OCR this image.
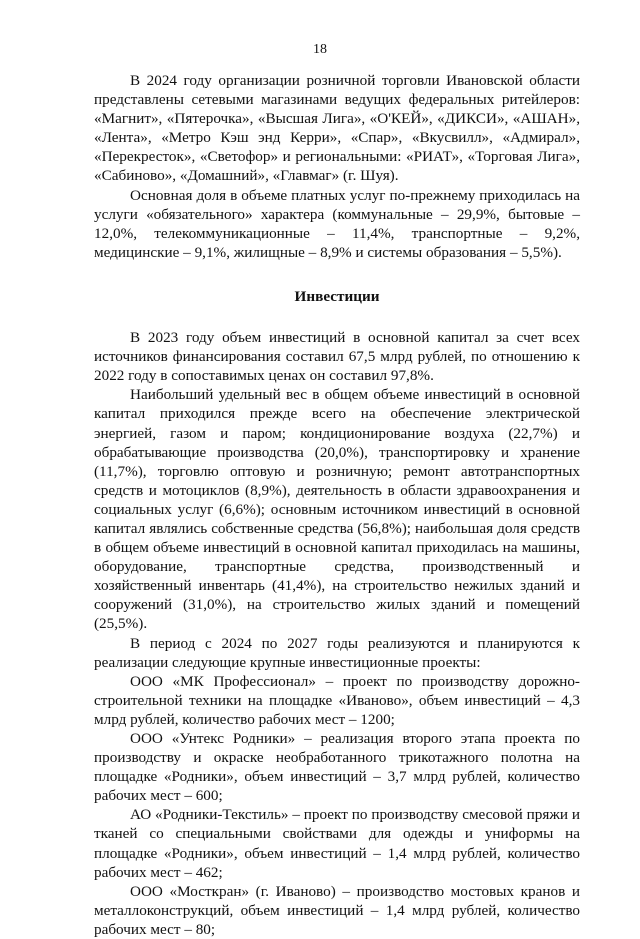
18

В 2024 году организации розничной торговли Ивановской области представлены сетевыми магазинами ведущих федеральных ритейлеров: «Магнит», «Пятерочка», «Высшая Лига», «О'КЕЙ», «ДИКСИ», «АШАН», «Лента», «Метро Кэш энд Керри», «Спар», «Вкусвилл», «Адмирал», «Перекресток», «Светофор» и региональными: «РИАТ», «Торговая Лига», «Сабиново», «Домашний», «Главмаг» (г. Шуя).

Основная доля в объеме платных услуг по-прежнему приходилась на услуги «обязательного» характера (коммунальные – 29,9%, бытовые – 12,0%, телекоммуникационные – 11,4%, транспортные – 9,2%, медицинские – 9,1%, жилищные – 8,9% и системы образования – 5,5%).

Инвестиции

В 2023 году объем инвестиций в основной капитал за счет всех источников финансирования составил 67,5 млрд рублей, по отношению к 2022 году в сопоставимых ценах он составил 97,8%.

Наибольший удельный вес в общем объеме инвестиций в основной капитал приходился прежде всего на обеспечение электрической энергией, газом и паром; кондиционирование воздуха (22,7%) и обрабатывающие производства (20,0%), транспортировку и хранение (11,7%), торговлю оптовую и розничную; ремонт автотранспортных средств и мотоциклов (8,9%), деятельность в области здравоохранения и социальных услуг (6,6%); основным источником инвестиций в основной капитал являлись собственные средства (56,8%); наибольшая доля средств в общем объеме инвестиций в основной капитал приходилась на машины, оборудование, транспортные средства, производственный и хозяйственный инвентарь (41,4%), на строительство нежилых зданий и сооружений (31,0%), на строительство жилых зданий и помещений (25,5%).

В период с 2024 по 2027 годы реализуются и планируются к реализации следующие крупные инвестиционные проекты:

ООО «МК Профессионал» – проект по производству дорожно-строительной техники на площадке «Иваново», объем инвестиций – 4,3 млрд рублей, количество рабочих мест – 1200;

ООО «Унтекс Родники» – реализация второго этапа проекта по производству и окраске необработанного трикотажного полотна на площадке «Родники», объем инвестиций – 3,7 млрд рублей, количество рабочих мест – 600;

АО «Родники-Текстиль» – проект по производству смесовой пряжи и тканей со специальными свойствами для одежды и униформы на площадке «Родники», объем инвестиций – 1,4 млрд рублей, количество рабочих мест – 462;

ООО «Мосткран» (г. Иваново) – производство мостовых кранов и металлоконструкций, объем инвестиций – 1,4 млрд рублей, количество рабочих мест – 80;
